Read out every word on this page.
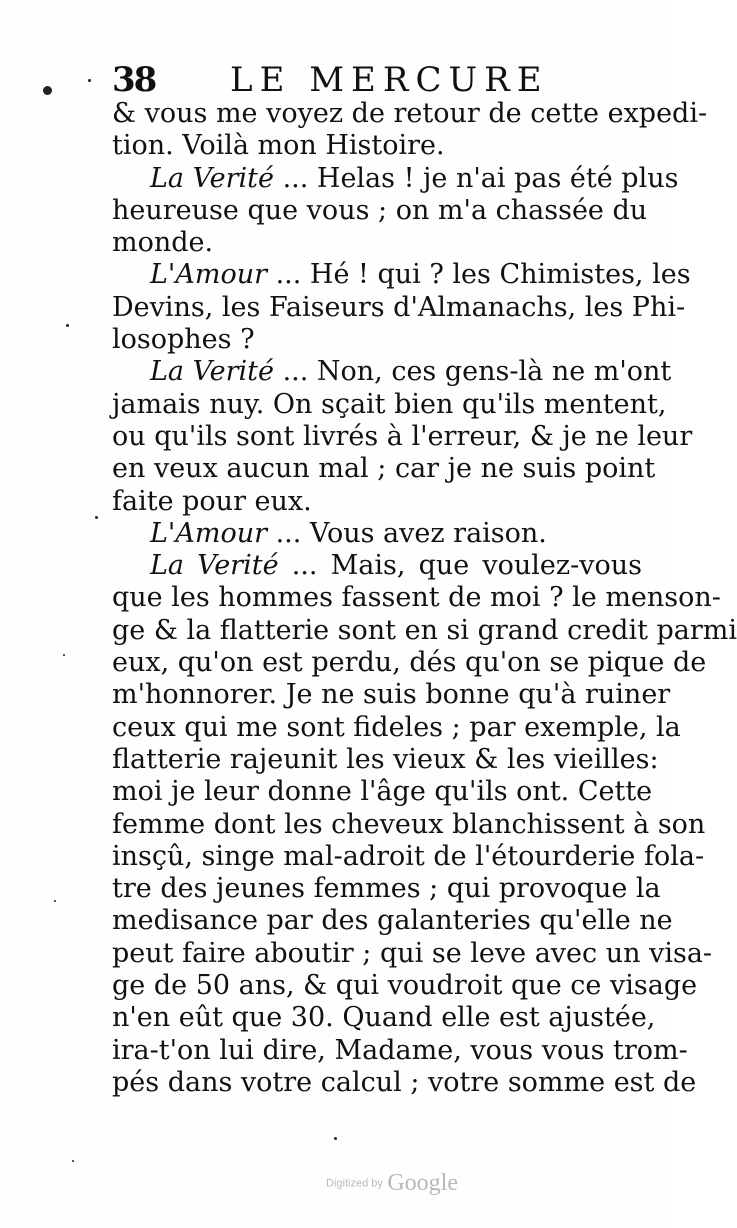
38 LE MERCURE
& vous me voyez de retour de cette expedi-
tion. Voilà mon Histoire.
La Verité ... Helas ! je n'ai pas été plus
heureuse que vous ; on m'a chassée du
monde.
L'Amour ... Hé ! qui ? les Chimistes, les
Devins, les Faiseurs d'Almanachs, les Phi-
losophes ?
La Verité ... Non, ces gens-là ne m'ont
jamais nuy. On sçait bien qu'ils mentent,
ou qu'ils sont livrés à l'erreur, & je ne leur
en veux aucun mal ; car je ne suis point
faite pour eux.
L'Amour ... Vous avez raison.
La Verité ... Mais, que voulez-vous
que les hommes fassent de moi ? le menson-
ge & la flatterie sont en si grand credit parmi
eux, qu'on est perdu, dés qu'on se pique de
m'honnorer. Je ne suis bonne qu'à ruiner
ceux qui me sont fideles ; par exemple, la
flatterie rajeunit les vieux & les vieilles:
moi je leur donne l'âge qu'ils ont. Cette
femme dont les cheveux blanchissent à son
insçû, singe mal-adroit de l'étourderie fola-
tre des jeunes femmes ; qui provoque la
medisance par des galanteries qu'elle ne
peut faire aboutir ; qui se leve avec un visa-
ge de 50 ans, & qui voudroit que ce visage
n'en eût que 30. Quand elle est ajustée,
ira-t'on lui dire, Madame, vous vous trom-
pés dans votre calcul ; votre somme est de
Digitized by Google
